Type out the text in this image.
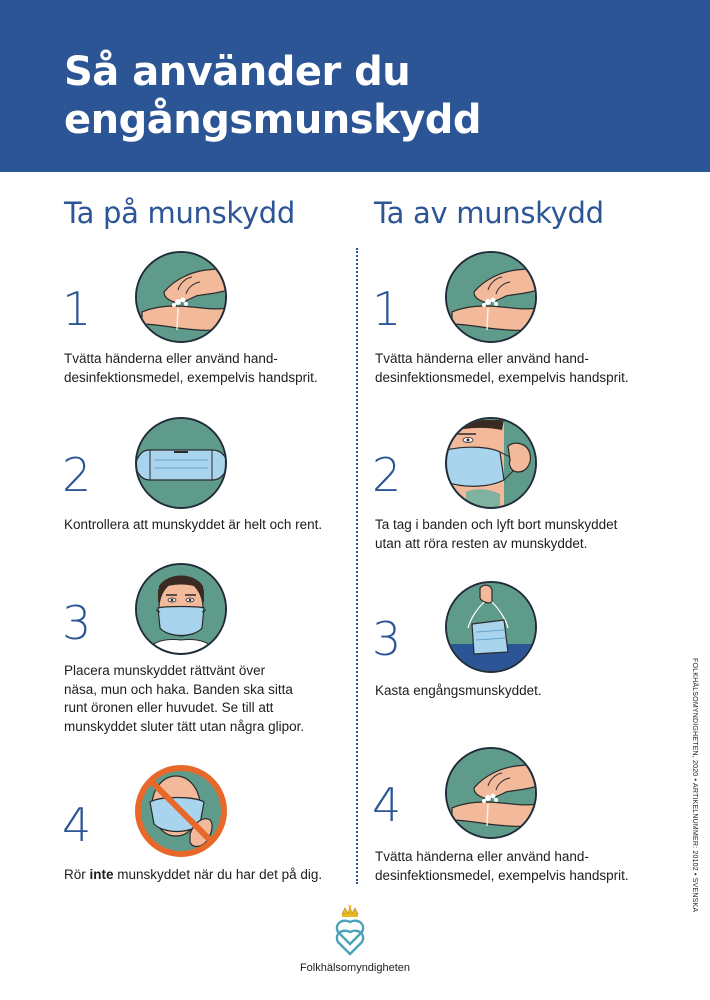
Så använder du
engångsmunskydd
Ta på munskydd	Ta av munskydd
1
Tvätta händerna eller använd hand-
desinfektionsmedel, exempelvis handsprit.
2
Kontrollera att munskyddet är helt och rent.
3
Placera munskyddet rättvänt över
näsa, mun och haka. Banden ska sitta
runt öronen eller huvudet. Se till att
munskyddet sluter tätt utan några glipor.
4
Rör inte munskyddet när du har det på dig.
1
Tvätta händerna eller använd hand-
desinfektionsmedel, exempelvis handsprit.
2
Ta tag i banden och lyft bort munskyddet
utan att röra resten av munskyddet.
3
Kasta engångsmunskyddet.
4
Tvätta händerna eller använd hand-
desinfektionsmedel, exempelvis handsprit.	FOLKHÄLSOMYNDIGHETEN, 2020 • ARTIKELNUMMER: 20102 • SVENSKA
Folkhälsomyndigheten
